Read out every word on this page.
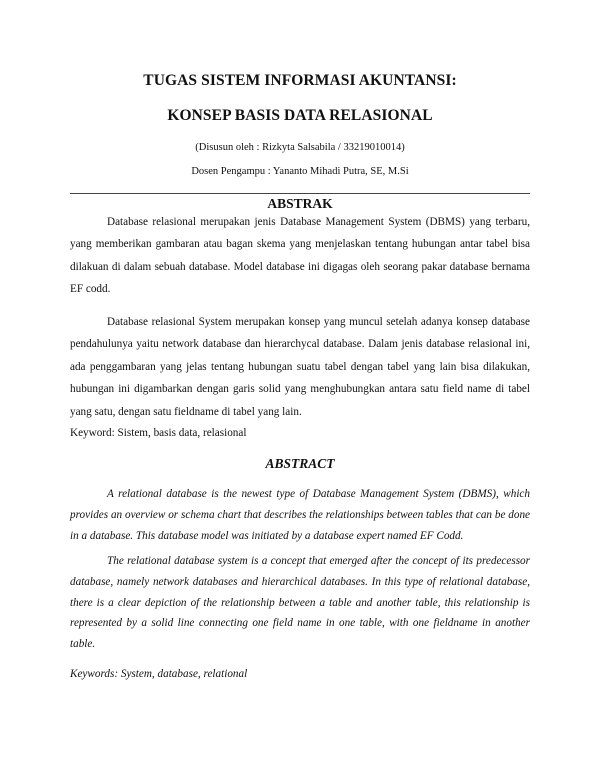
TUGAS SISTEM INFORMASI AKUNTANSI:
KONSEP BASIS DATA RELASIONAL
(Disusun oleh : Rizkyta Salsabila / 33219010014)
Dosen Pengampu : Yananto Mihadi Putra, SE, M.Si
ABSTRAK

Database relasional merupakan jenis Database Management System (DBMS) yang terbaru, yang memberikan gambaran atau bagan skema yang menjelaskan tentang hubungan antar tabel bisa dilakuan di dalam sebuah database. Model database ini digagas oleh seorang pakar database bernama EF codd.

Database relasional System merupakan konsep yang muncul setelah adanya konsep database pendahulunya yaitu network database dan hierarchycal database. Dalam jenis database relasional ini, ada penggambaran yang jelas tentang hubungan suatu tabel dengan tabel yang lain bisa dilakukan, hubungan ini digambarkan dengan garis solid yang menghubungkan antara satu field name di tabel yang satu, dengan satu fieldname di tabel yang lain.

Keyword: Sistem, basis data, relasional

ABSTRACT

A relational database is the newest type of Database Management System (DBMS), which provides an overview or schema chart that describes the relationships between tables that can be done in a database. This database model was initiated by a database expert named EF Codd.

The relational database system is a concept that emerged after the concept of its predecessor database, namely network databases and hierarchical databases. In this type of relational database, there is a clear depiction of the relationship between a table and another table, this relationship is represented by a solid line connecting one field name in one table, with one fieldname in another table.

Keywords: System, database, relational
